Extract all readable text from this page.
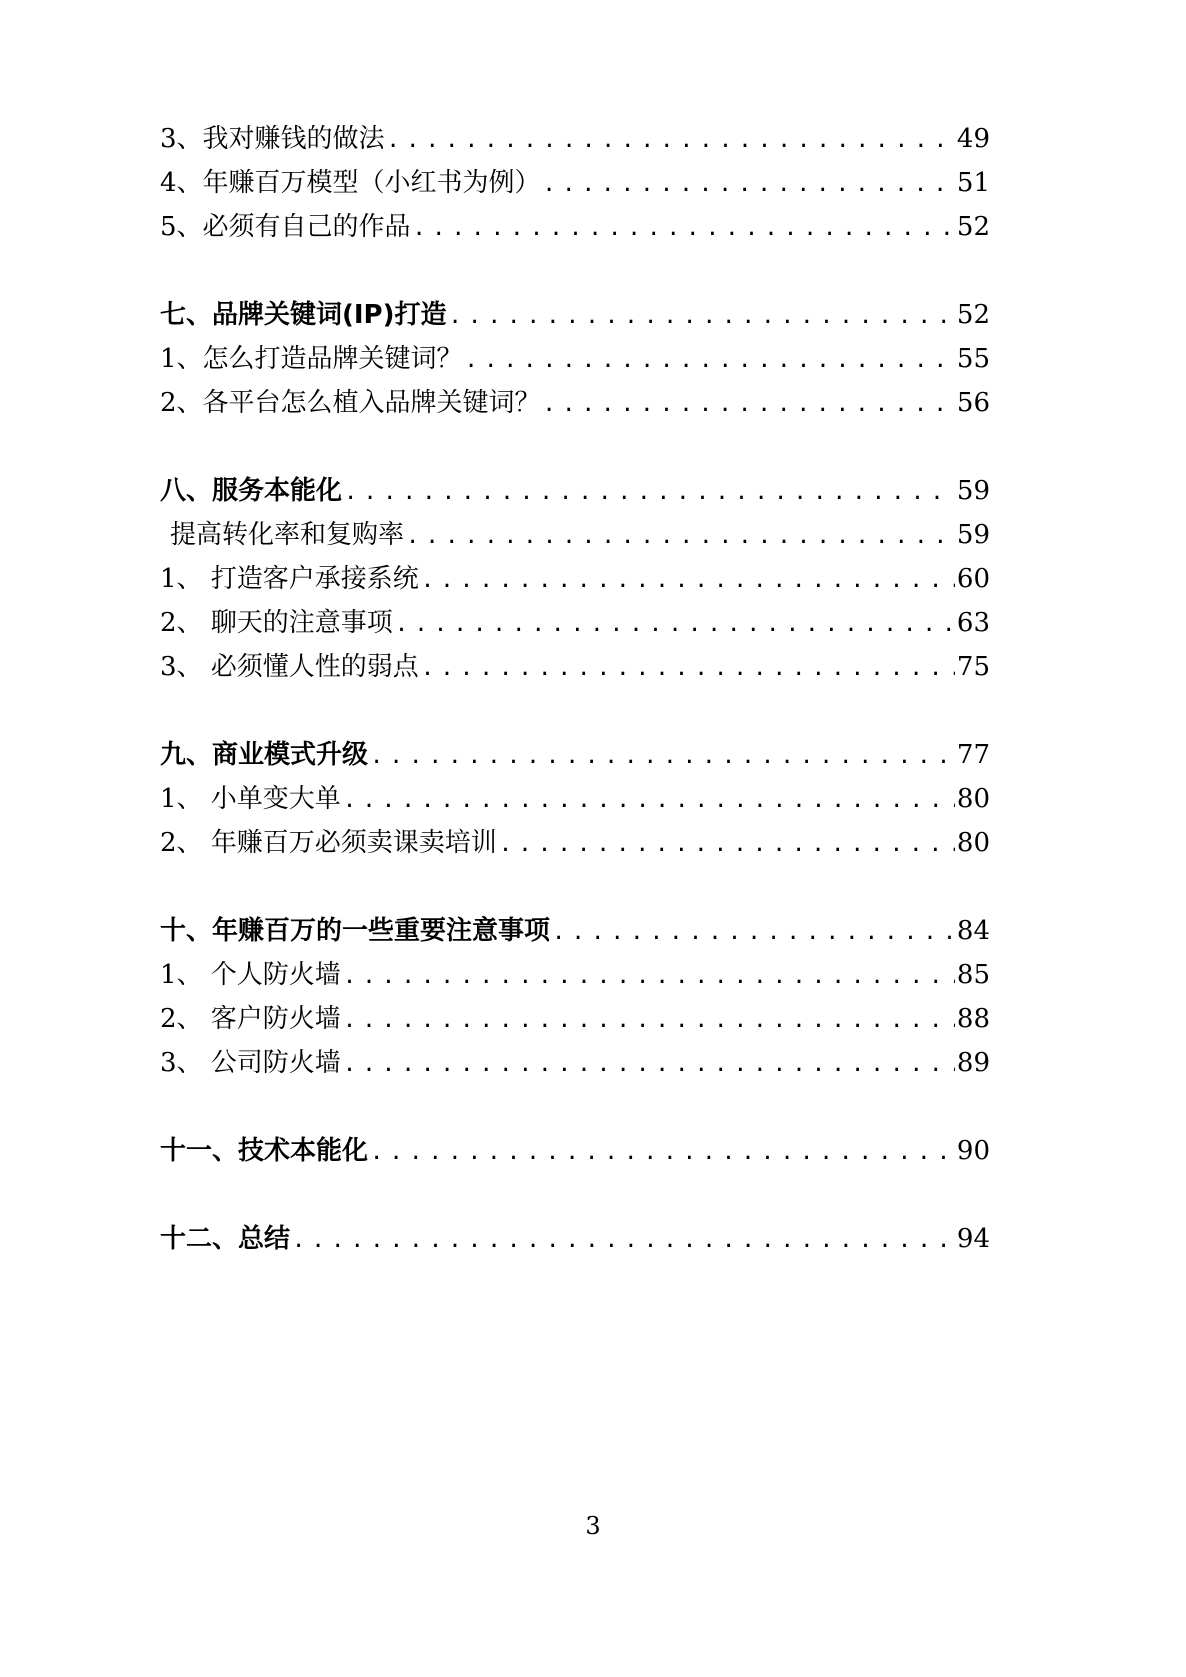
3、我对赚钱的做法 .....	49
4、年赚百万模型（小红书为例） .....	51
5、必须有自己的作品 .....	52
七、品牌关键词(IP)打造 .....	52
1、怎么打造品牌关键词？ .....	55
2、各平台怎么植入品牌关键词？ .....	56
八、服务本能化 .....	59
提高转化率和复购率 .....	59
1、 打造客户承接系统 .....	60
2、 聊天的注意事项 .....	63
3、 必须懂人性的弱点 .....	75
九、商业模式升级 .....	77
1、 小单变大单 .....	80
2、 年赚百万必须卖课卖培训 .....	80
十、年赚百万的一些重要注意事项 .....	84
1、 个人防火墙 .....	85
2、 客户防火墙 .....	88
3、 公司防火墙 .....	89
十一、技术本能化 .....	90
十二、总结 .....	94
3
